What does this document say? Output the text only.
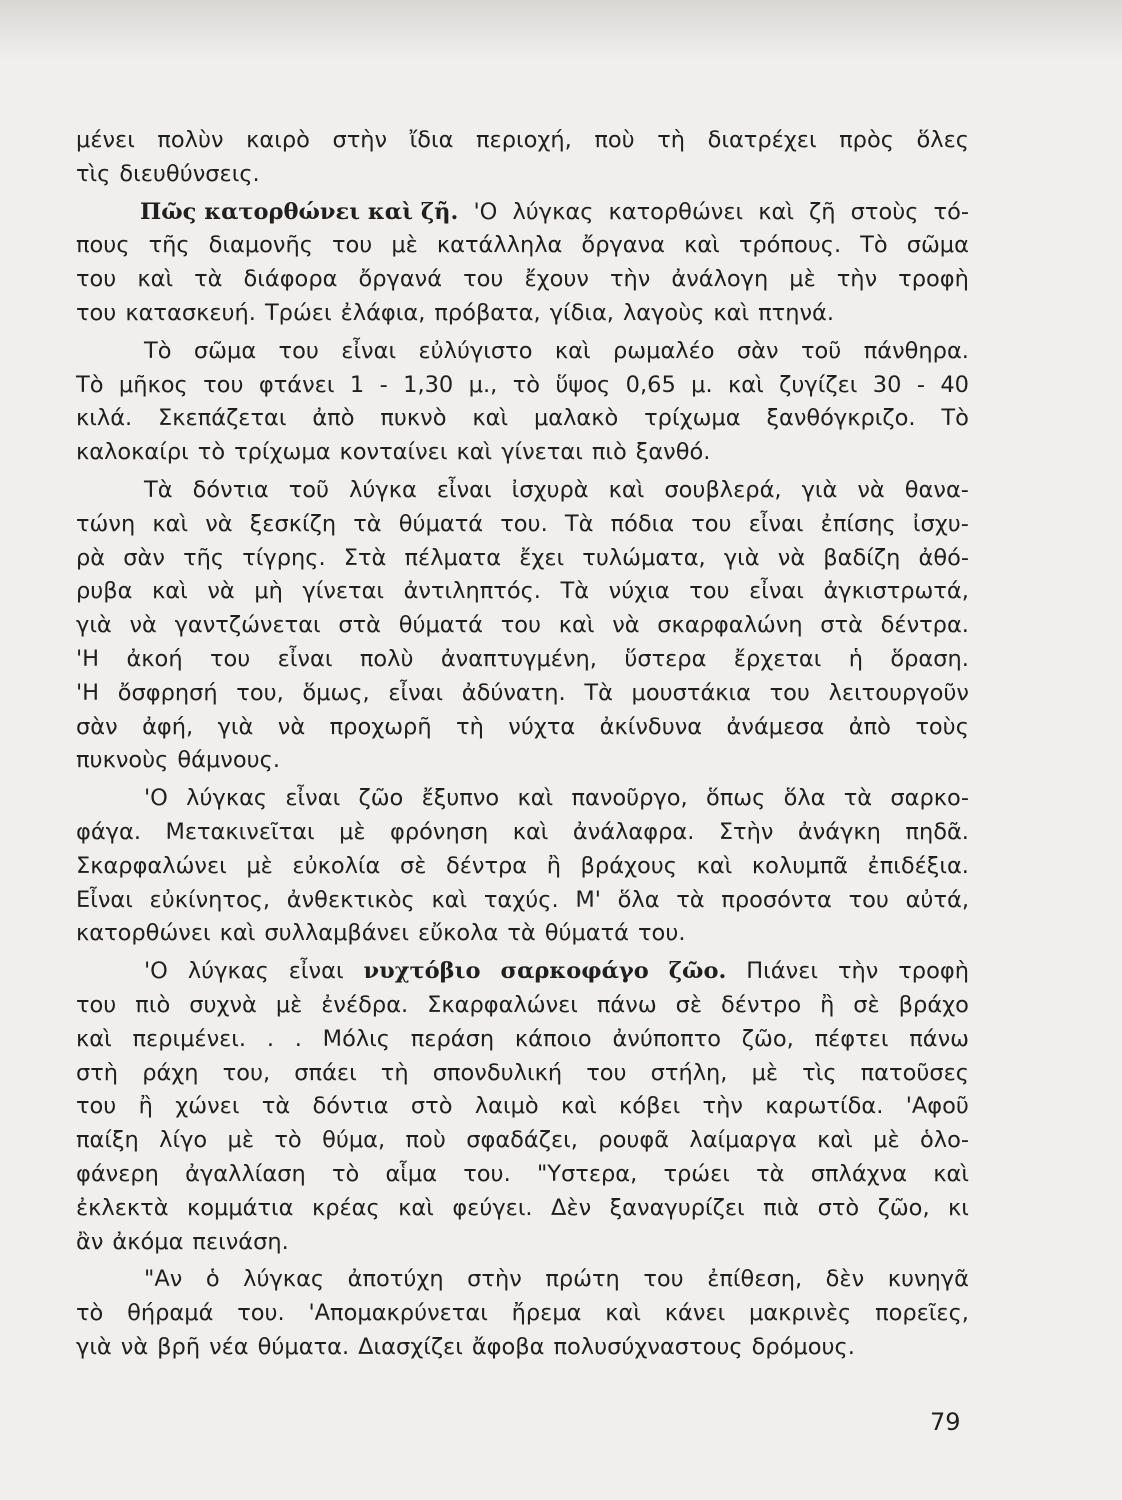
μένει πολὺν καιρὸ στὴν ἴδια περιοχή, ποὺ τὴ διατρέχει πρὸς ὅλες
τὶς διευθύνσεις.
Πῶς κατορθώνει καὶ ζῆ. 'Ο λύγκας κατορθώνει καὶ ζῆ στοὺς τό-
πους τῆς διαμονῆς του μὲ κατάλληλα ὄργανα καὶ τρόπους. Τὸ σῶμα
του καὶ τὰ διάφορα ὄργανά του ἔχουν τὴν ἀνάλογη μὲ τὴν τροφὴ
του κατασκευή. Τρώει ἐλάφια, πρόβατα, γίδια, λαγοὺς καὶ πτηνά.
Τὸ σῶμα του εἶναι εὐλύγιστο καὶ ρωμαλέο σὰν τοῦ πάνθηρα.
Τὸ μῆκος του φτάνει 1 - 1,30 μ., τὸ ὕψος 0,65 μ. καὶ ζυγίζει 30 - 40
κιλά. Σκεπάζεται ἀπὸ πυκνὸ καὶ μαλακὸ τρίχωμα ξανθόγκριζο. Τὸ
καλοκαίρι τὸ τρίχωμα κονταίνει καὶ γίνεται πιὸ ξανθό.
Τὰ δόντια τοῦ λύγκα εἶναι ἰσχυρὰ καὶ σουβλερά, γιὰ νὰ θανα-
τώνη καὶ νὰ ξεσκίζη τὰ θύματά του. Τὰ πόδια του εἶναι ἐπίσης ἰσχυ-
ρὰ σὰν τῆς τίγρης. Στὰ πέλματα ἔχει τυλώματα, γιὰ νὰ βαδίζη ἀθό-
ρυβα καὶ νὰ μὴ γίνεται ἀντιληπτός. Τὰ νύχια του εἶναι ἀγκιστρωτά,
γιὰ νὰ γαντζώνεται στὰ θύματά του καὶ νὰ σκαρφαλώνη στὰ δέντρα.
'Η ἀκοή του εἶναι πολὺ ἀναπτυγμένη, ὕστερα ἔρχεται ἡ ὅραση.
'Η ὄσφρησή του, ὅμως, εἶναι ἀδύνατη. Τὰ μουστάκια του λειτουργοῦν
σὰν ἀφή, γιὰ νὰ προχωρῆ τὴ νύχτα ἀκίνδυνα ἀνάμεσα ἀπὸ τοὺς
πυκνοὺς θάμνους.
'Ο λύγκας εἶναι ζῶο ἔξυπνο καὶ πανοῦργο, ὅπως ὅλα τὰ σαρκο-
φάγα. Μετακινεῖται μὲ φρόνηση καὶ ἀνάλαφρα. Στὴν ἀνάγκη πηδᾶ.
Σκαρφαλώνει μὲ εὐκολία σὲ δέντρα ἢ βράχους καὶ κολυμπᾶ ἐπιδέξια.
Εἶναι εὐκίνητος, ἀνθεκτικὸς καὶ ταχύς. Μ' ὅλα τὰ προσόντα του αὐτά,
κατορθώνει καὶ συλλαμβάνει εὔκολα τὰ θύματά του.
'Ο λύγκας εἶναι νυχτόβιο σαρκοφάγο ζῶο. Πιάνει τὴν τροφὴ
του πιὸ συχνὰ μὲ ἐνέδρα. Σκαρφαλώνει πάνω σὲ δέντρο ἢ σὲ βράχο
καὶ περιμένει. . . Μόλις περάση κάποιο ἀνύποπτο ζῶο, πέφτει πάνω
στὴ ράχη του, σπάει τὴ σπονδυλική του στήλη, μὲ τὶς πατοῦσες
του ἢ χώνει τὰ δόντια στὸ λαιμὸ καὶ κόβει τὴν καρωτίδα. 'Αφοῦ
παίξη λίγο μὲ τὸ θύμα, ποὺ σφαδάζει, ρουφᾶ λαίμαργα καὶ μὲ ὁλο-
φάνερη ἀγαλλίαση τὸ αἷμα του. "Υστερα, τρώει τὰ σπλάχνα καὶ
ἐκλεκτὰ κομμάτια κρέας καὶ φεύγει. Δὲν ξαναγυρίζει πιὰ στὸ ζῶο, κι
ἂν ἀκόμα πεινάση.
"Αν ὁ λύγκας ἀποτύχη στὴν πρώτη του ἐπίθεση, δὲν κυνηγᾶ
τὸ θήραμά του. 'Απομακρύνεται ἤρεμα καὶ κάνει μακρινὲς πορεῖες,
γιὰ νὰ βρῆ νέα θύματα. Διασχίζει ἄφοβα πολυσύχναστους δρόμους.
79
